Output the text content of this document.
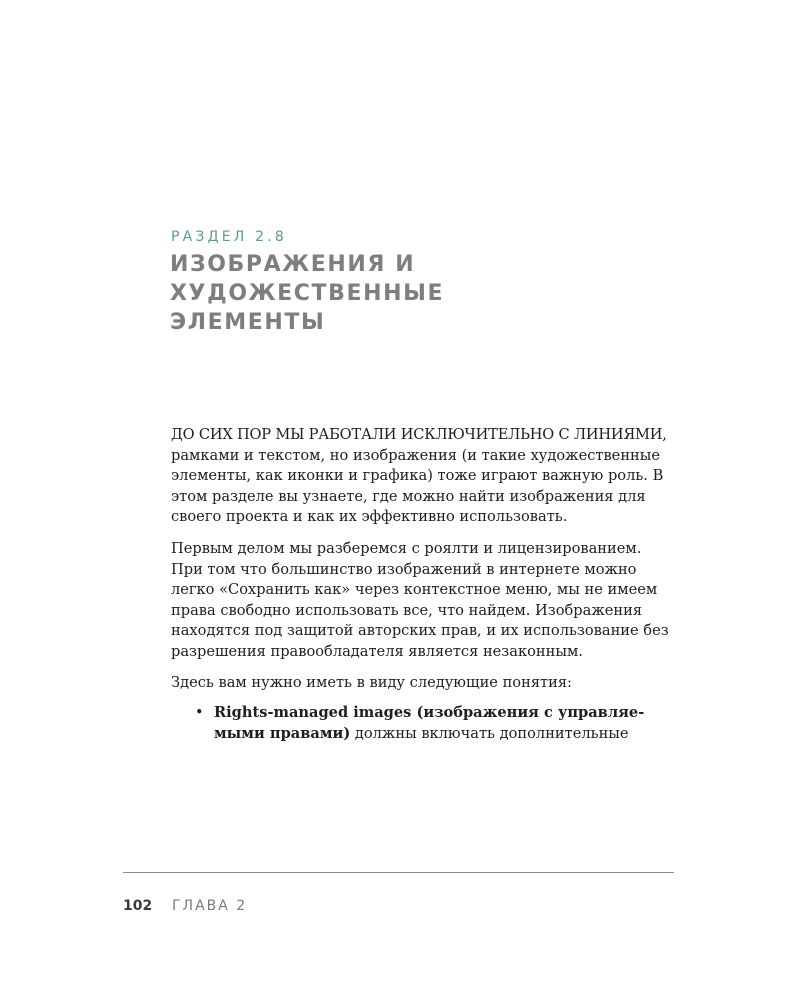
РАЗДЕЛ 2.8
ИЗОБРАЖЕНИЯ И ХУДОЖЕСТВЕННЫЕ
ЭЛЕМЕНТЫ

ДО СИХ ПОР МЫ РАБОТАЛИ ИСКЛЮЧИТЕЛЬНО С ЛИНИЯМИ,
рамками и текстом, но изображения (и такие художественные элементы, как иконки и графика) тоже играют важную роль. В этом разделе вы узнаете, где можно найти изображения для своего проекта и как их эффективно использовать.

Первым делом мы разберемся с роялти и лицензированием. При том что большинство изображений в интернете можно легко «Сохранить как» через контекстное меню, мы не имеем права свободно использовать все, что найдем. Изображения находятся под защитой авторских прав, и их использование без разрешения правообладателя является незаконным.

Здесь вам нужно иметь в виду следующие понятия:

• Rights-managed images (изображения с управляемыми правами) должны включать дополнительные
102 ГЛАВА 2
